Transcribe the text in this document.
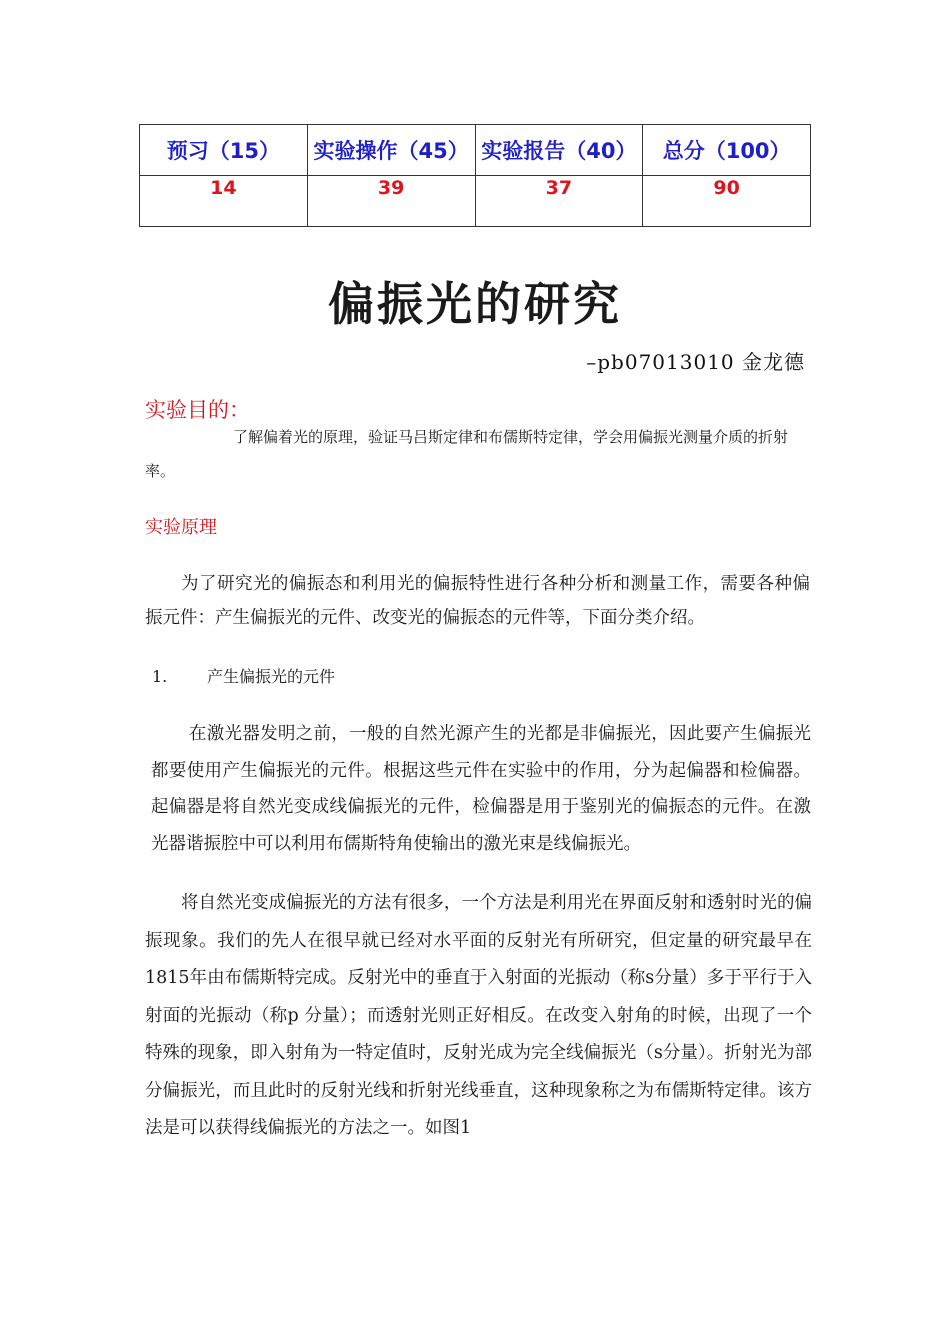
预习（15）	实验操作（45）	实验报告（40）	总分（100）
14	39	37	90
偏振光的研究
–pb07013010 金龙德
实验目的：

了解偏着光的原理，验证马吕斯定律和布儒斯特定律，学会用偏振光测量介质的折射率。

实验原理

为了研究光的偏振态和利用光的偏振特性进行各种分析和测量工作，需要各种偏振元件：产生偏振光的元件、改变光的偏振态的元件等，下面分类介绍。

1. 产生偏振光的元件

在激光器发明之前，一般的自然光源产生的光都是非偏振光，因此要产生偏振光都要使用产生偏振光的元件。根据这些元件在实验中的作用，分为起偏器和检偏器。起偏器是将自然光变成线偏振光的元件，检偏器是用于鉴别光的偏振态的元件。在激光器谐振腔中可以利用布儒斯特角使输出的激光束是线偏振光。

将自然光变成偏振光的方法有很多，一个方法是利用光在界面反射和透射时光的偏振现象。我们的先人在很早就已经对水平面的反射光有所研究，但定量的研究最早在1815年由布儒斯特完成。反射光中的垂直于入射面的光振动（称s分量）多于平行于入射面的光振动（称p 分量）；而透射光则正好相反。在改变入射角的时候，出现了一个特殊的现象，即入射角为一特定值时，反射光成为完全线偏振光（s分量）。折射光为部分偏振光，而且此时的反射光线和折射光线垂直，这种现象称之为布儒斯特定律。该方法是可以获得线偏振光的方法之一。如图1
